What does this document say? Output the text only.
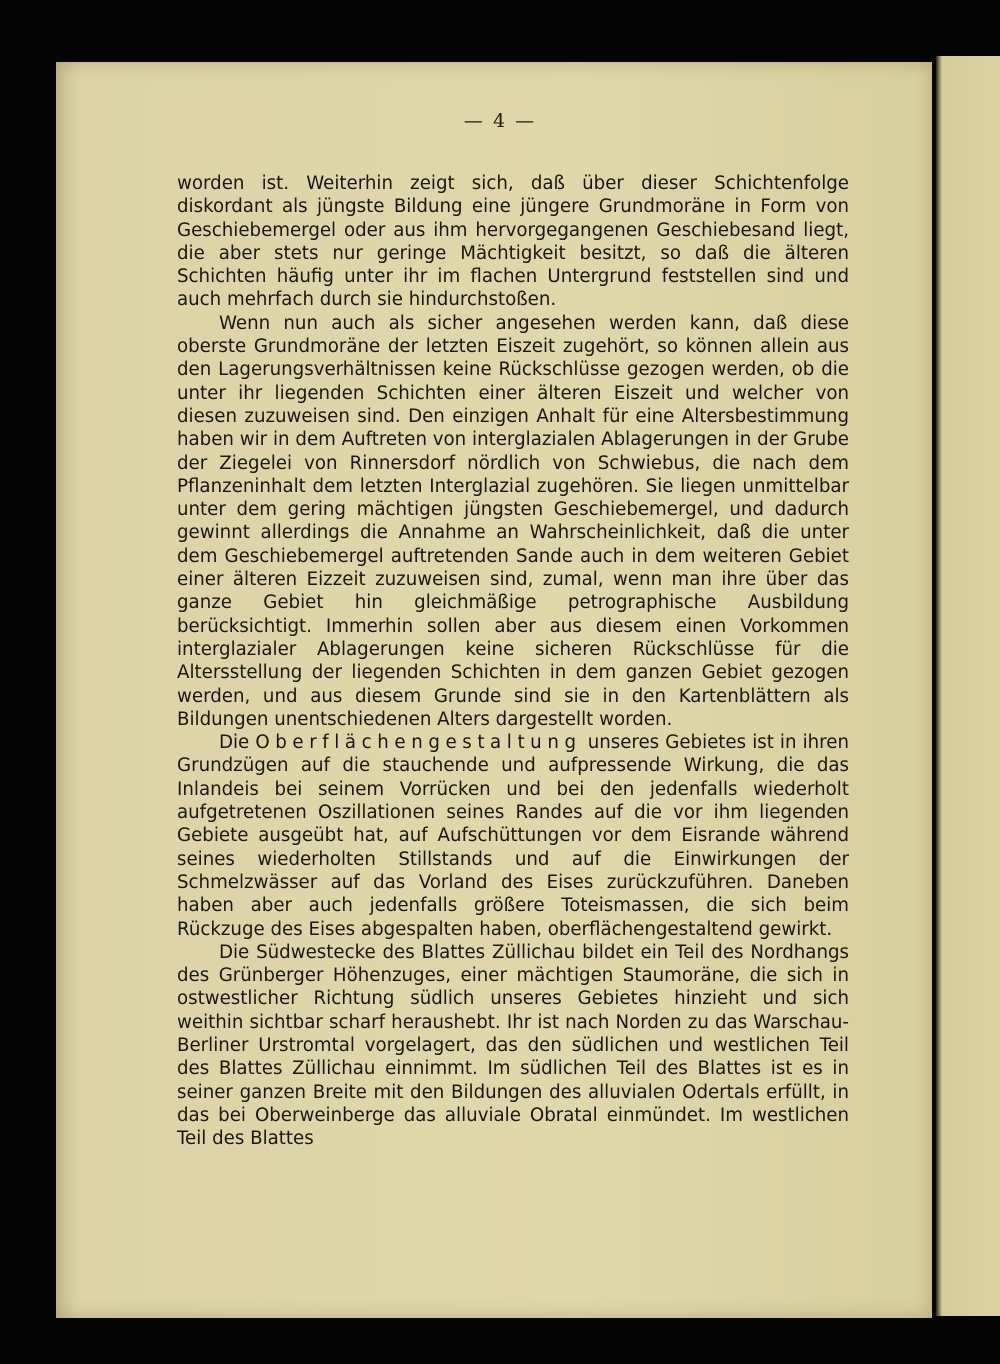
— 4 —

worden ist. Weiterhin zeigt sich, daß über dieser Schichtenfolge diskordant als jüngste Bildung eine jüngere Grundmoräne in Form von Geschiebemergel oder aus ihm hervorgegangenen Geschiebesand liegt, die aber stets nur geringe Mächtigkeit besitzt, so daß die älteren Schichten häufig unter ihr im flachen Untergrund feststellen sind und auch mehrfach durch sie hindurchstoßen.

Wenn nun auch als sicher angesehen werden kann, daß diese oberste Grundmoräne der letzten Eiszeit zugehört, so können allein aus den Lagerungsverhältnissen keine Rückschlüsse gezogen werden, ob die unter ihr liegenden Schichten einer älteren Eiszeit und welcher von diesen zuzuweisen sind. Den einzigen Anhalt für eine Altersbestimmung haben wir in dem Auftreten von interglazialen Ablagerungen in der Grube der Ziegelei von Rinnersdorf nördlich von Schwiebus, die nach dem Pflanzeninhalt dem letzten Interglazial zugehören. Sie liegen unmittelbar unter dem gering mächtigen jüngsten Geschiebemergel, und dadurch gewinnt allerdings die Annahme an Wahrscheinlichkeit, daß die unter dem Geschiebemergel auftretenden Sande auch in dem weiteren Gebiet einer älteren Eizzeit zuzuweisen sind, zumal, wenn man ihre über das ganze Gebiet hin gleichmäßige petrographische Ausbildung berücksichtigt. Immerhin sollen aber aus diesem einen Vorkommen interglazialer Ablagerungen keine sicheren Rückschlüsse für die Altersstellung der liegenden Schichten in dem ganzen Gebiet gezogen werden, und aus diesem Grunde sind sie in den Kartenblättern als Bildungen unentschiedenen Alters dargestellt worden.

Die Oberflächengestaltung unseres Gebietes ist in ihren Grundzügen auf die stauchende und aufpressende Wirkung, die das Inlandeis bei seinem Vorrücken und bei den jedenfalls wiederholt aufgetretenen Oszillationen seines Randes auf die vor ihm liegenden Gebiete ausgeübt hat, auf Aufschüttungen vor dem Eisrande während seines wiederholten Stillstands und auf die Einwirkungen der Schmelzwässer auf das Vorland des Eises zurückzuführen. Daneben haben aber auch jedenfalls größere Toteismassen, die sich beim Rückzuge des Eises abgespalten haben, oberflächengestaltend gewirkt.

Die Südwestecke des Blattes Züllichau bildet ein Teil des Nordhangs des Grünberger Höhenzuges, einer mächtigen Staumoräne, die sich in ostwestlicher Richtung südlich unseres Gebietes hinzieht und sich weithin sichtbar scharf heraushebt. Ihr ist nach Norden zu das Warschau-Berliner Urstromtal vorgelagert, das den südlichen und westlichen Teil des Blattes Züllichau einnimmt. Im südlichen Teil des Blattes ist es in seiner ganzen Breite mit den Bildungen des alluvialen Odertals erfüllt, in das bei Oberweinberge das alluviale Obratal einmündet. Im westlichen Teil des Blattes
